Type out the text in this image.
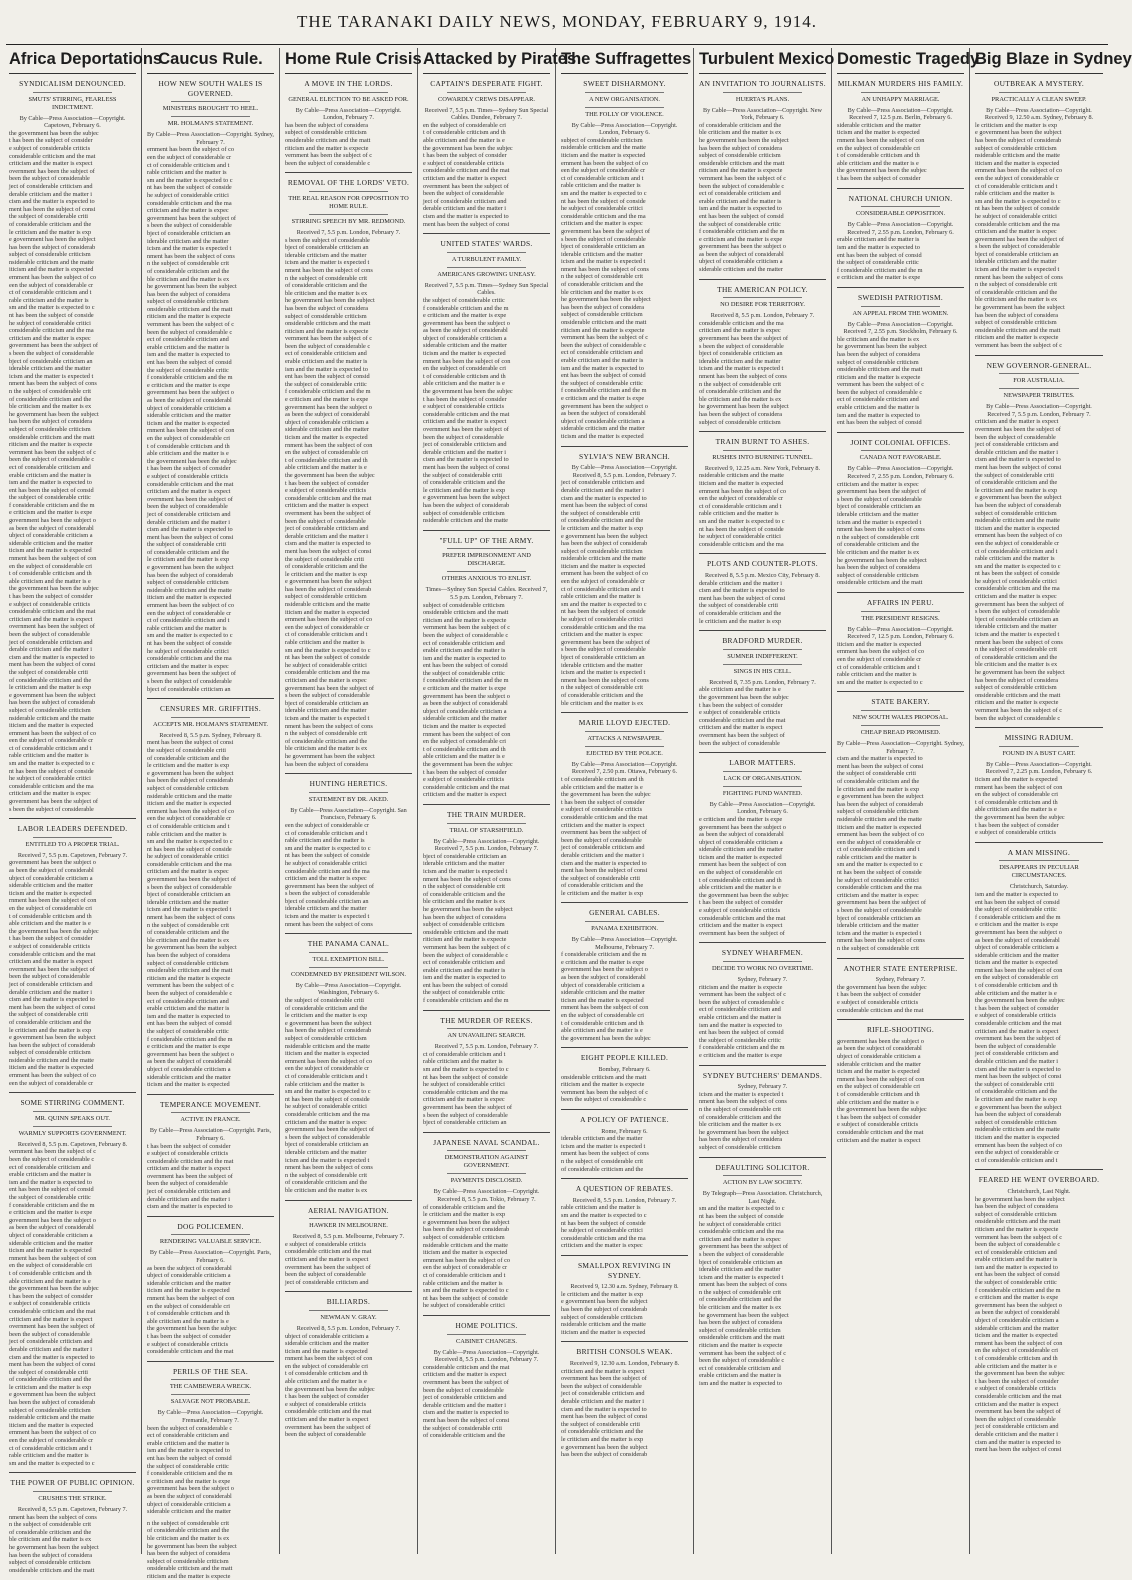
THE TARANAKI DAILY NEWS, MONDAY, FEBRUARY 9, 1914.
Africa Deportations
SYNDICALISM DENOUNCED.
SMUTS' STIRRING, FEARLESS INDICTMENT.
By Cable—Press Association—Copyright. Capetown, February 6.
the government has been the subjec
t has been the subject of consider
e subject of considerable criticis
considerable criticism and the mat
criticism and the matter is expect
overnment has been the subject of
been the subject of considerable
ject of considerable criticism and
derable criticism and the matter i
cism and the matter is expected to
ment has been the subject of consi
the subject of considerable criti
of considerable criticism and the
le criticism and the matter is exp
e government has been the subject
has been the subject of considerab
subject of considerable criticism
nsiderable criticism and the matte
iticism and the matter is expected
ernment has been the subject of co
een the subject of considerable cr
ct of considerable criticism and t
rable criticism and the matter is
sm and the matter is expected to c
nt has been the subject of conside
he subject of considerable critici
considerable criticism and the ma
criticism and the matter is expec
government has been the subject of
s been the subject of considerable
bject of considerable criticism an
iderable criticism and the matter
icism and the matter is expected t
nment has been the subject of cons
n the subject of considerable crit
of considerable criticism and the
ble criticism and the matter is ex
he government has been the subject
has been the subject of considera
subject of considerable criticism
onsiderable criticism and the matt
riticism and the matter is expecte
vernment has been the subject of c
been the subject of considerable c
ect of considerable criticism and
erable criticism and the matter is
ism and the matter is expected to
ent has been the subject of consid
the subject of considerable critic
f considerable criticism and the m
e criticism and the matter is expe
government has been the subject o
as been the subject of considerabl
ubject of considerable criticism a
siderable criticism and the matter
ticism and the matter is expected
rnment has been the subject of con
en the subject of considerable cri
t of considerable criticism and th
able criticism and the matter is e
the government has been the subjec
t has been the subject of consider
e subject of considerable criticis
considerable criticism and the mat
criticism and the matter is expect
overnment has been the subject of
been the subject of considerable
ject of considerable criticism and
derable criticism and the matter i
cism and the matter is expected to
ment has been the subject of consi
the subject of considerable criti
of considerable criticism and the
le criticism and the matter is exp
e government has been the subject
has been the subject of considerab
subject of considerable criticism
nsiderable criticism and the matte
iticism and the matter is expected
ernment has been the subject of co
een the subject of considerable cr
ct of considerable criticism and t
rable criticism and the matter is
sm and the matter is expected to c
nt has been the subject of conside
he subject of considerable critici
considerable criticism and the ma
criticism and the matter is expec
government has been the subject of
s been the subject of considerable
LABOR LEADERS DEFENDED.
ENTITLED TO A PROPER TRIAL.
Received 7, 5.5 p.m. Capetown, February 7.
government has been the subject o
as been the subject of considerabl
ubject of considerable criticism a
siderable criticism and the matter
ticism and the matter is expected
rnment has been the subject of con
en the subject of considerable cri
t of considerable criticism and th
able criticism and the matter is e
the government has been the subjec
t has been the subject of consider
e subject of considerable criticis
considerable criticism and the mat
criticism and the matter is expect
overnment has been the subject of
been the subject of considerable
ject of considerable criticism and
derable criticism and the matter i
cism and the matter is expected to
ment has been the subject of consi
the subject of considerable criti
of considerable criticism and the
le criticism and the matter is exp
e government has been the subject
has been the subject of considerab
subject of considerable criticism
nsiderable criticism and the matte
iticism and the matter is expected
ernment has been the subject of co
een the subject of considerable cr
SOME STIRRING COMMENT.
MR. QUINN SPEAKS OUT.
WARMLY SUPPORTS GOVERNMENT.
Received 8, 5.5 p.m. Capetown, February 8.
vernment has been the subject of c
been the subject of considerable c
ect of considerable criticism and
erable criticism and the matter is
ism and the matter is expected to
ent has been the subject of consid
the subject of considerable critic
f considerable criticism and the m
e criticism and the matter is expe
government has been the subject o
as been the subject of considerabl
ubject of considerable criticism a
siderable criticism and the matter
ticism and the matter is expected
rnment has been the subject of con
en the subject of considerable cri
t of considerable criticism and th
able criticism and the matter is e
the government has been the subjec
t has been the subject of consider
e subject of considerable criticis
considerable criticism and the mat
criticism and the matter is expect
overnment has been the subject of
been the subject of considerable
ject of considerable criticism and
derable criticism and the matter i
cism and the matter is expected to
ment has been the subject of consi
the subject of considerable criti
of considerable criticism and the
le criticism and the matter is exp
e government has been the subject
has been the subject of considerab
subject of considerable criticism
nsiderable criticism and the matte
iticism and the matter is expected
ernment has been the subject of co
een the subject of considerable cr
ct of considerable criticism and t
rable criticism and the matter is
sm and the matter is expected to c
THE POWER OF PUBLIC OPINION.
CRUSHES THE STRIKE.
Received 8, 5.5 p.m. Capetown, February 7.
nment has been the subject of cons
n the subject of considerable crit
of considerable criticism and the
ble criticism and the matter is ex
he government has been the subject
has been the subject of considera
subject of considerable criticism
onsiderable criticism and the matt
Caucus Rule.
HOW NEW SOUTH WALES IS GOVERNED.
MINISTERS BROUGHT TO HEEL.
MR. HOLMAN'S STATEMENT.
By Cable—Press Association—Copyright. Sydney, February 7.
ernment has been the subject of co
een the subject of considerable cr
ct of considerable criticism and t
rable criticism and the matter is
sm and the matter is expected to c
nt has been the subject of conside
he subject of considerable critici
considerable criticism and the ma
criticism and the matter is expec
government has been the subject of
s been the subject of considerable
bject of considerable criticism an
iderable criticism and the matter
icism and the matter is expected t
nment has been the subject of cons
n the subject of considerable crit
of considerable criticism and the
ble criticism and the matter is ex
he government has been the subject
has been the subject of considera
subject of considerable criticism
onsiderable criticism and the matt
riticism and the matter is expecte
vernment has been the subject of c
been the subject of considerable c
ect of considerable criticism and
erable criticism and the matter is
ism and the matter is expected to
ent has been the subject of consid
the subject of considerable critic
f considerable criticism and the m
e criticism and the matter is expe
government has been the subject o
as been the subject of considerabl
ubject of considerable criticism a
siderable criticism and the matter
ticism and the matter is expected
rnment has been the subject of con
en the subject of considerable cri
t of considerable criticism and th
able criticism and the matter is e
the government has been the subjec
t has been the subject of consider
e subject of considerable criticis
considerable criticism and the mat
criticism and the matter is expect
overnment has been the subject of
been the subject of considerable
ject of considerable criticism and
derable criticism and the matter i
cism and the matter is expected to
ment has been the subject of consi
the subject of considerable criti
of considerable criticism and the
le criticism and the matter is exp
e government has been the subject
has been the subject of considerab
subject of considerable criticism
nsiderable criticism and the matte
iticism and the matter is expected
ernment has been the subject of co
een the subject of considerable cr
ct of considerable criticism and t
rable criticism and the matter is
sm and the matter is expected to c
nt has been the subject of conside
he subject of considerable critici
considerable criticism and the ma
criticism and the matter is expec
government has been the subject of
s been the subject of considerable
bject of considerable criticism an
CENSURES MR. GRIFFITHS.
ACCEPTS MR. HOLMAN'S STATEMENT.
Received 8, 5.5 p.m. Sydney, February 8.
ment has been the subject of consi
the subject of considerable criti
of considerable criticism and the
le criticism and the matter is exp
e government has been the subject
has been the subject of considerab
subject of considerable criticism
nsiderable criticism and the matte
iticism and the matter is expected
ernment has been the subject of co
een the subject of considerable cr
ct of considerable criticism and t
rable criticism and the matter is
sm and the matter is expected to c
nt has been the subject of conside
he subject of considerable critici
considerable criticism and the ma
criticism and the matter is expec
government has been the subject of
s been the subject of considerable
bject of considerable criticism an
iderable criticism and the matter
icism and the matter is expected t
nment has been the subject of cons
n the subject of considerable crit
of considerable criticism and the
ble criticism and the matter is ex
he government has been the subject
has been the subject of considera
subject of considerable criticism
onsiderable criticism and the matt
riticism and the matter is expecte
vernment has been the subject of c
been the subject of considerable c
ect of considerable criticism and
erable criticism and the matter is
ism and the matter is expected to
ent has been the subject of consid
the subject of considerable critic
f considerable criticism and the m
e criticism and the matter is expe
government has been the subject o
as been the subject of considerabl
ubject of considerable criticism a
siderable criticism and the matter
ticism and the matter is expected
TEMPERANCE MOVEMENT.
ACTIVE IN FRANCE.
By Cable—Press Association—Copyright. Paris, February 6.
t has been the subject of consider
e subject of considerable criticis
considerable criticism and the mat
criticism and the matter is expect
overnment has been the subject of
been the subject of considerable
ject of considerable criticism and
derable criticism and the matter i
cism and the matter is expected to
DOG POLICEMEN.
RENDERING VALUABLE SERVICE.
By Cable—Press Association—Copyright. Paris, February 6.
as been the subject of considerabl
ubject of considerable criticism a
siderable criticism and the matter
ticism and the matter is expected
rnment has been the subject of con
en the subject of considerable cri
t of considerable criticism and th
able criticism and the matter is e
the government has been the subjec
t has been the subject of consider
e subject of considerable criticis
considerable criticism and the mat
PERILS OF THE SEA.
THE CAMBEWERA WRECK.
SALVAGE NOT PROBABLE.
By Cable—Press Association—Copyright. Fremantle, February 7.
been the subject of considerable c
ect of considerable criticism and
erable criticism and the matter is
ism and the matter is expected to
ent has been the subject of consid
the subject of considerable critic
f considerable criticism and the m
e criticism and the matter is expe
government has been the subject o
as been the subject of considerabl
ubject of considerable criticism a
siderable criticism and the matter
n the subject of considerable crit
of considerable criticism and the
ble criticism and the matter is ex
he government has been the subject
has been the subject of considera
subject of considerable criticism
onsiderable criticism and the matt
riticism and the matter is expecte
Home Rule Crisis
A MOVE IN THE LORDS.
GENERAL ELECTION TO BE ASKED FOR.
By Cable—Press Association—Copyright. London, February 7.
has been the subject of considera
subject of considerable criticism
onsiderable criticism and the matt
riticism and the matter is expecte
vernment has been the subject of c
been the subject of considerable c
REMOVAL OF THE LORDS' VETO.
THE REAL REASON FOR OPPOSITION TO HOME RULE.
STIRRING SPEECH BY MR. REDMOND.
Received 7, 5.5 p.m. London, February 7.
s been the subject of considerable
bject of considerable criticism an
iderable criticism and the matter
icism and the matter is expected t
nment has been the subject of cons
n the subject of considerable crit
of considerable criticism and the
ble criticism and the matter is ex
he government has been the subject
has been the subject of considera
subject of considerable criticism
onsiderable criticism and the matt
riticism and the matter is expecte
vernment has been the subject of c
been the subject of considerable c
ect of considerable criticism and
erable criticism and the matter is
ism and the matter is expected to
ent has been the subject of consid
the subject of considerable critic
f considerable criticism and the m
e criticism and the matter is expe
government has been the subject o
as been the subject of considerabl
ubject of considerable criticism a
siderable criticism and the matter
ticism and the matter is expected
rnment has been the subject of con
en the subject of considerable cri
t of considerable criticism and th
able criticism and the matter is e
the government has been the subjec
t has been the subject of consider
e subject of considerable criticis
considerable criticism and the mat
criticism and the matter is expect
overnment has been the subject of
been the subject of considerable
ject of considerable criticism and
derable criticism and the matter i
cism and the matter is expected to
ment has been the subject of consi
the subject of considerable criti
of considerable criticism and the
le criticism and the matter is exp
e government has been the subject
has been the subject of considerab
subject of considerable criticism
nsiderable criticism and the matte
iticism and the matter is expected
ernment has been the subject of co
een the subject of considerable cr
ct of considerable criticism and t
rable criticism and the matter is
sm and the matter is expected to c
nt has been the subject of conside
he subject of considerable critici
considerable criticism and the ma
criticism and the matter is expec
government has been the subject of
s been the subject of considerable
bject of considerable criticism an
iderable criticism and the matter
icism and the matter is expected t
nment has been the subject of cons
n the subject of considerable crit
of considerable criticism and the
ble criticism and the matter is ex
he government has been the subject
has been the subject of considera
HUNTING HERETICS.
STATEMENT BY DR. AKED.
By Cable—Press Association—Copyright. San Francisco, February 6.
een the subject of considerable cr
ct of considerable criticism and t
rable criticism and the matter is
sm and the matter is expected to c
nt has been the subject of conside
he subject of considerable critici
considerable criticism and the ma
criticism and the matter is expec
government has been the subject of
s been the subject of considerable
bject of considerable criticism an
iderable criticism and the matter
icism and the matter is expected t
nment has been the subject of cons
THE PANAMA CANAL.
TOLL EXEMPTION BILL.
CONDEMNED BY PRESIDENT WILSON.
By Cable—Press Association—Copyright. Washington, February 6.
the subject of considerable criti
of considerable criticism and the
le criticism and the matter is exp
e government has been the subject
has been the subject of considerab
subject of considerable criticism
nsiderable criticism and the matte
iticism and the matter is expected
ernment has been the subject of co
een the subject of considerable cr
ct of considerable criticism and t
rable criticism and the matter is
sm and the matter is expected to c
nt has been the subject of conside
he subject of considerable critici
considerable criticism and the ma
criticism and the matter is expec
government has been the subject of
s been the subject of considerable
bject of considerable criticism an
iderable criticism and the matter
icism and the matter is expected t
nment has been the subject of cons
n the subject of considerable crit
of considerable criticism and the
ble criticism and the matter is ex
AERIAL NAVIGATION.
HAWKER IN MELBOURNE.
Received 8, 5.5 p.m. Melbourne, February 7.
e subject of considerable criticis
considerable criticism and the mat
criticism and the matter is expect
overnment has been the subject of
been the subject of considerable
ject of considerable criticism and
BILLIARDS.
NEWMAN V. GRAY.
Received 8, 5.5 p.m. London, February 7.
ubject of considerable criticism a
siderable criticism and the matter
ticism and the matter is expected
rnment has been the subject of con
en the subject of considerable cri
t of considerable criticism and th
able criticism and the matter is e
the government has been the subjec
t has been the subject of consider
e subject of considerable criticis
considerable criticism and the mat
criticism and the matter is expect
overnment has been the subject of
been the subject of considerable
Attacked by Pirates
CAPTAIN'S DESPERATE FIGHT.
COWARDLY CREWS DISAPPEAR.
Received 7, 5.5 p.m. Times—Sydney Sun Special Cables. Dundee, February 7.
en the subject of considerable cri
t of considerable criticism and th
able criticism and the matter is e
the government has been the subjec
t has been the subject of consider
e subject of considerable criticis
considerable criticism and the mat
criticism and the matter is expect
overnment has been the subject of
been the subject of considerable
ject of considerable criticism and
derable criticism and the matter i
cism and the matter is expected to
ment has been the subject of consi
UNITED STATES' WARDS.
A TURBULENT FAMILY.
AMERICANS GROWING UNEASY.
Received 7, 5.5 p.m. Times—Sydney Sun Special Cables.
the subject of considerable critic
f considerable criticism and the m
e criticism and the matter is expe
government has been the subject o
as been the subject of considerabl
ubject of considerable criticism a
siderable criticism and the matter
ticism and the matter is expected
rnment has been the subject of con
en the subject of considerable cri
t of considerable criticism and th
able criticism and the matter is e
the government has been the subjec
t has been the subject of consider
e subject of considerable criticis
considerable criticism and the mat
criticism and the matter is expect
overnment has been the subject of
been the subject of considerable
ject of considerable criticism and
derable criticism and the matter i
cism and the matter is expected to
ment has been the subject of consi
the subject of considerable criti
of considerable criticism and the
le criticism and the matter is exp
e government has been the subject
has been the subject of considerab
subject of considerable criticism
nsiderable criticism and the matte
"FULL UP" OF THE ARMY.
PREFER IMPRISONMENT AND DISCHARGE.
OTHERS ANXIOUS TO ENLIST.
Times—Sydney Sun Special Cables. Received 7, 5.5 p.m. London, February 7.
subject of considerable criticism
onsiderable criticism and the matt
riticism and the matter is expecte
vernment has been the subject of c
been the subject of considerable c
ect of considerable criticism and
erable criticism and the matter is
ism and the matter is expected to
ent has been the subject of consid
the subject of considerable critic
f considerable criticism and the m
e criticism and the matter is expe
government has been the subject o
as been the subject of considerabl
ubject of considerable criticism a
siderable criticism and the matter
ticism and the matter is expected
rnment has been the subject of con
en the subject of considerable cri
t of considerable criticism and th
able criticism and the matter is e
the government has been the subjec
t has been the subject of consider
e subject of considerable criticis
considerable criticism and the mat
criticism and the matter is expect
THE TRAIN MURDER.
TRIAL OF STARSHFIELD.
By Cable—Press Association—Copyright. Received 7, 5.5 p.m. London, February 7.
bject of considerable criticism an
iderable criticism and the matter
icism and the matter is expected t
nment has been the subject of cons
n the subject of considerable crit
of considerable criticism and the
ble criticism and the matter is ex
he government has been the subject
has been the subject of considera
subject of considerable criticism
onsiderable criticism and the matt
riticism and the matter is expecte
vernment has been the subject of c
been the subject of considerable c
ect of considerable criticism and
erable criticism and the matter is
ism and the matter is expected to
ent has been the subject of consid
the subject of considerable critic
f considerable criticism and the m
THE MURDER OF REEKS.
AN UNAVAILING SEARCH.
Received 7, 5.5 p.m. London, February 7.
ct of considerable criticism and t
rable criticism and the matter is
sm and the matter is expected to c
nt has been the subject of conside
he subject of considerable critici
considerable criticism and the ma
criticism and the matter is expec
government has been the subject of
s been the subject of considerable
bject of considerable criticism an
JAPANESE NAVAL SCANDAL.
DEMONSTRATION AGAINST GOVERNMENT.
PAYMENTS DISCLOSED.
By Cable—Press Association—Copyright. Received 8, 5.5 p.m. Tokio, February 7.
of considerable criticism and the
le criticism and the matter is exp
e government has been the subject
has been the subject of considerab
subject of considerable criticism
nsiderable criticism and the matte
iticism and the matter is expected
ernment has been the subject of co
een the subject of considerable cr
ct of considerable criticism and t
rable criticism and the matter is
sm and the matter is expected to c
nt has been the subject of conside
he subject of considerable critici
HOME POLITICS.
CABINET CHANGES.
By Cable—Press Association—Copyright. Received 8, 5.5 p.m. London, February 7.
considerable criticism and the mat
criticism and the matter is expect
overnment has been the subject of
been the subject of considerable
ject of considerable criticism and
derable criticism and the matter i
cism and the matter is expected to
ment has been the subject of consi
the subject of considerable criti
of considerable criticism and the
The Suffragettes
SWEET DISHARMONY.
A NEW ORGANISATION.
THE FOLLY OF VIOLENCE.
By Cable—Press Association—Copyright. London, February 6.
subject of considerable criticism
nsiderable criticism and the matte
iticism and the matter is expected
ernment has been the subject of co
een the subject of considerable cr
ct of considerable criticism and t
rable criticism and the matter is
sm and the matter is expected to c
nt has been the subject of conside
he subject of considerable critici
considerable criticism and the ma
criticism and the matter is expec
government has been the subject of
s been the subject of considerable
bject of considerable criticism an
iderable criticism and the matter
icism and the matter is expected t
nment has been the subject of cons
n the subject of considerable crit
of considerable criticism and the
ble criticism and the matter is ex
he government has been the subject
has been the subject of considera
subject of considerable criticism
onsiderable criticism and the matt
riticism and the matter is expecte
vernment has been the subject of c
been the subject of considerable c
ect of considerable criticism and
erable criticism and the matter is
ism and the matter is expected to
ent has been the subject of consid
the subject of considerable critic
f considerable criticism and the m
e criticism and the matter is expe
government has been the subject o
as been the subject of considerabl
ubject of considerable criticism a
siderable criticism and the matter
ticism and the matter is expected
SYLVIA'S NEW BRANCH.
By Cable—Press Association—Copyright. Received 8, 5.5 p.m. London, February 7.
ject of considerable criticism and
derable criticism and the matter i
cism and the matter is expected to
ment has been the subject of consi
the subject of considerable criti
of considerable criticism and the
le criticism and the matter is exp
e government has been the subject
has been the subject of considerab
subject of considerable criticism
nsiderable criticism and the matte
iticism and the matter is expected
ernment has been the subject of co
een the subject of considerable cr
ct of considerable criticism and t
rable criticism and the matter is
sm and the matter is expected to c
nt has been the subject of conside
he subject of considerable critici
considerable criticism and the ma
criticism and the matter is expec
government has been the subject of
s been the subject of considerable
bject of considerable criticism an
iderable criticism and the matter
icism and the matter is expected t
nment has been the subject of cons
n the subject of considerable crit
of considerable criticism and the
ble criticism and the matter is ex
MARIE LLOYD EJECTED.
ATTACKS A NEWSPAPER.
EJECTED BY THE POLICE.
By Cable—Press Association—Copyright. Received 7, 2.50 p.m. Ottawa, February 6.
t of considerable criticism and th
able criticism and the matter is e
the government has been the subjec
t has been the subject of consider
e subject of considerable criticis
considerable criticism and the mat
criticism and the matter is expect
overnment has been the subject of
been the subject of considerable
ject of considerable criticism and
derable criticism and the matter i
cism and the matter is expected to
ment has been the subject of consi
the subject of considerable criti
of considerable criticism and the
le criticism and the matter is exp
GENERAL CABLES.
PANAMA EXHIBITION.
By Cable—Press Association—Copyright. Melbourne, February 7.
f considerable criticism and the m
e criticism and the matter is expe
government has been the subject o
as been the subject of considerabl
ubject of considerable criticism a
siderable criticism and the matter
ticism and the matter is expected
rnment has been the subject of con
en the subject of considerable cri
t of considerable criticism and th
able criticism and the matter is e
the government has been the subjec
EIGHT PEOPLE KILLED.
Bombay, February 6.
onsiderable criticism and the matt
riticism and the matter is expecte
vernment has been the subject of c
been the subject of considerable c
A POLICY OF PATIENCE.
Rome, February 6.
iderable criticism and the matter
icism and the matter is expected t
nment has been the subject of cons
n the subject of considerable crit
of considerable criticism and the
A QUESTION OF REBATES.
Received 8, 5.5 p.m. London, February 7.
rable criticism and the matter is
sm and the matter is expected to c
nt has been the subject of conside
he subject of considerable critici
considerable criticism and the ma
criticism and the matter is expec
SMALLPOX REVIVING IN SYDNEY.
Received 9, 12.30 a.m. Sydney, February 8.
le criticism and the matter is exp
e government has been the subject
has been the subject of considerab
subject of considerable criticism
nsiderable criticism and the matte
iticism and the matter is expected
BRITISH CONSOLS WEAK.
Received 9, 12.30 a.m. London, February 8.
criticism and the matter is expect
overnment has been the subject of
been the subject of considerable
ject of considerable criticism and
derable criticism and the matter i
cism and the matter is expected to
ment has been the subject of consi
the subject of considerable criti
of considerable criticism and the
le criticism and the matter is exp
e government has been the subject
has been the subject of considerab
Turbulent Mexico
AN INVITATION TO JOURNALISTS.
HUERTA'S PLANS.
By Cable—Press Association—Copyright. New York, February 6.
of considerable criticism and the
ble criticism and the matter is ex
he government has been the subject
has been the subject of considera
subject of considerable criticism
onsiderable criticism and the matt
riticism and the matter is expecte
vernment has been the subject of c
been the subject of considerable c
ect of considerable criticism and
erable criticism and the matter is
ism and the matter is expected to
ent has been the subject of consid
the subject of considerable critic
f considerable criticism and the m
e criticism and the matter is expe
government has been the subject o
as been the subject of considerabl
ubject of considerable criticism a
siderable criticism and the matter
THE AMERICAN POLICY.
NO DESIRE FOR TERRITORY.
Received 8, 5.5 p.m. London, February 7.
considerable criticism and the ma
criticism and the matter is expec
government has been the subject of
s been the subject of considerable
bject of considerable criticism an
iderable criticism and the matter
icism and the matter is expected t
nment has been the subject of cons
n the subject of considerable crit
of considerable criticism and the
ble criticism and the matter is ex
he government has been the subject
has been the subject of considera
subject of considerable criticism
TRAIN BURNT TO ASHES.
RUSHES INTO BURNING TUNNEL.
Received 9, 12.25 a.m. New York, February 8.
nsiderable criticism and the matte
iticism and the matter is expected
ernment has been the subject of co
een the subject of considerable cr
ct of considerable criticism and t
rable criticism and the matter is
sm and the matter is expected to c
nt has been the subject of conside
he subject of considerable critici
considerable criticism and the ma
PLOTS AND COUNTER-PLOTS.
Received 8, 5.5 p.m. Mexico City, February 8.
derable criticism and the matter i
cism and the matter is expected to
ment has been the subject of consi
the subject of considerable criti
of considerable criticism and the
le criticism and the matter is exp
BRADFORD MURDER.
SUMNER INDIFFERENT.
SINGS IN HIS CELL.
Received 8, 7.35 p.m. London, February 7.
able criticism and the matter is e
the government has been the subjec
t has been the subject of consider
e subject of considerable criticis
considerable criticism and the mat
criticism and the matter is expect
overnment has been the subject of
been the subject of considerable
LABOR MATTERS.
LACK OF ORGANISATION.
FIGHTING FUND WANTED.
By Cable—Press Association—Copyright. London, February 6.
e criticism and the matter is expe
government has been the subject o
as been the subject of considerabl
ubject of considerable criticism a
siderable criticism and the matter
ticism and the matter is expected
rnment has been the subject of con
en the subject of considerable cri
t of considerable criticism and th
able criticism and the matter is e
the government has been the subjec
t has been the subject of consider
e subject of considerable criticis
considerable criticism and the mat
criticism and the matter is expect
overnment has been the subject of
SYDNEY WHARFMEN.
DECIDE TO WORK NO OVERTIME.
Sydney, February 7.
riticism and the matter is expecte
vernment has been the subject of c
been the subject of considerable c
ect of considerable criticism and
erable criticism and the matter is
ism and the matter is expected to
ent has been the subject of consid
the subject of considerable critic
f considerable criticism and the m
e criticism and the matter is expe
SYDNEY BUTCHERS' DEMANDS.
Sydney, February 7.
icism and the matter is expected t
nment has been the subject of cons
n the subject of considerable crit
of considerable criticism and the
ble criticism and the matter is ex
he government has been the subject
has been the subject of considera
subject of considerable criticism
DEFAULTING SOLICITOR.
ACTION BY LAW SOCIETY.
By Telegraph—Press Association. Christchurch, Last Night.
sm and the matter is expected to c
nt has been the subject of conside
he subject of considerable critici
considerable criticism and the ma
criticism and the matter is expec
government has been the subject of
s been the subject of considerable
bject of considerable criticism an
iderable criticism and the matter
icism and the matter is expected t
nment has been the subject of cons
n the subject of considerable crit
of considerable criticism and the
ble criticism and the matter is ex
he government has been the subject
has been the subject of considera
subject of considerable criticism
onsiderable criticism and the matt
riticism and the matter is expecte
vernment has been the subject of c
been the subject of considerable c
ect of considerable criticism and
erable criticism and the matter is
ism and the matter is expected to
Domestic Tragedy
MILKMAN MURDERS HIS FAMILY.
AN UNHAPPY MARRIAGE.
By Cable—Press Association—Copyright. Received 7, 12.5 p.m. Berlin, February 6.
siderable criticism and the matter
ticism and the matter is expected
rnment has been the subject of con
en the subject of considerable cri
t of considerable criticism and th
able criticism and the matter is e
the government has been the subjec
t has been the subject of consider
NATIONAL CHURCH UNION.
CONSIDERABLE OPPOSITION.
By Cable—Press Association—Copyright. Received 7, 2.55 p.m. London, February 6.
erable criticism and the matter is
ism and the matter is expected to
ent has been the subject of consid
the subject of considerable critic
f considerable criticism and the m
e criticism and the matter is expe
SWEDISH PATRIOTISM.
AN APPEAL FROM THE WOMEN.
By Cable—Press Association—Copyright. Received 7, 2.55 p.m. Stockholm, February 6.
ble criticism and the matter is ex
he government has been the subject
has been the subject of considera
subject of considerable criticism
onsiderable criticism and the matt
riticism and the matter is expecte
vernment has been the subject of c
been the subject of considerable c
ect of considerable criticism and
erable criticism and the matter is
ism and the matter is expected to
ent has been the subject of consid
JOINT COLONIAL OFFICES.
CANADA NOT FAVORABLE.
By Cable—Press Association—Copyright. Received 7, 2.55 p.m. London, February 6.
criticism and the matter is expec
government has been the subject of
s been the subject of considerable
bject of considerable criticism an
iderable criticism and the matter
icism and the matter is expected t
nment has been the subject of cons
n the subject of considerable crit
of considerable criticism and the
ble criticism and the matter is ex
he government has been the subject
has been the subject of considera
subject of considerable criticism
onsiderable criticism and the matt
AFFAIRS IN PERU.
THE PRESIDENT RESIGNS.
By Cable—Press Association—Copyright. Received 7, 12.5 p.m. London, February 6.
iticism and the matter is expected
ernment has been the subject of co
een the subject of considerable cr
ct of considerable criticism and t
rable criticism and the matter is
sm and the matter is expected to c
STATE BAKERY.
NEW SOUTH WALES PROPOSAL.
CHEAP BREAD PROMISED.
By Cable—Press Association—Copyright. Sydney, February 7.
cism and the matter is expected to
ment has been the subject of consi
the subject of considerable criti
of considerable criticism and the
le criticism and the matter is exp
e government has been the subject
has been the subject of considerab
subject of considerable criticism
nsiderable criticism and the matte
iticism and the matter is expected
ernment has been the subject of co
een the subject of considerable cr
ct of considerable criticism and t
rable criticism and the matter is
sm and the matter is expected to c
nt has been the subject of conside
he subject of considerable critici
considerable criticism and the ma
criticism and the matter is expec
government has been the subject of
s been the subject of considerable
bject of considerable criticism an
iderable criticism and the matter
icism and the matter is expected t
nment has been the subject of cons
n the subject of considerable crit
ANOTHER STATE ENTERPRISE.
Sydney, February 7.
the government has been the subjec
t has been the subject of consider
e subject of considerable criticis
considerable criticism and the mat
RIFLE-SHOOTING.
government has been the subject o
as been the subject of considerabl
ubject of considerable criticism a
siderable criticism and the matter
ticism and the matter is expected
rnment has been the subject of con
en the subject of considerable cri
t of considerable criticism and th
able criticism and the matter is e
the government has been the subjec
t has been the subject of consider
e subject of considerable criticis
considerable criticism and the mat
criticism and the matter is expect
Big Blaze in Sydney
OUTBREAK A MYSTERY.
PRACTICALLY A CLEAN SWEEP.
By Cable—Press Association—Copyright. Received 9, 12.50 a.m. Sydney, February 8.
le criticism and the matter is exp
e government has been the subject
has been the subject of considerab
subject of considerable criticism
nsiderable criticism and the matte
iticism and the matter is expected
ernment has been the subject of co
een the subject of considerable cr
ct of considerable criticism and t
rable criticism and the matter is
sm and the matter is expected to c
nt has been the subject of conside
he subject of considerable critici
considerable criticism and the ma
criticism and the matter is expec
government has been the subject of
s been the subject of considerable
bject of considerable criticism an
iderable criticism and the matter
icism and the matter is expected t
nment has been the subject of cons
n the subject of considerable crit
of considerable criticism and the
ble criticism and the matter is ex
he government has been the subject
has been the subject of considera
subject of considerable criticism
onsiderable criticism and the matt
riticism and the matter is expecte
vernment has been the subject of c
NEW GOVERNOR-GENERAL.
FOR AUSTRALIA.
NEWSPAPER TRIBUTES.
By Cable—Press Association—Copyright. Received 7, 5.5 p.m. London, February 7.
criticism and the matter is expect
overnment has been the subject of
been the subject of considerable
ject of considerable criticism and
derable criticism and the matter i
cism and the matter is expected to
ment has been the subject of consi
the subject of considerable criti
of considerable criticism and the
le criticism and the matter is exp
e government has been the subject
has been the subject of considerab
subject of considerable criticism
nsiderable criticism and the matte
iticism and the matter is expected
ernment has been the subject of co
een the subject of considerable cr
ct of considerable criticism and t
rable criticism and the matter is
sm and the matter is expected to c
nt has been the subject of conside
he subject of considerable critici
considerable criticism and the ma
criticism and the matter is expec
government has been the subject of
s been the subject of considerable
bject of considerable criticism an
iderable criticism and the matter
icism and the matter is expected t
nment has been the subject of cons
n the subject of considerable crit
of considerable criticism and the
ble criticism and the matter is ex
he government has been the subject
has been the subject of considera
subject of considerable criticism
onsiderable criticism and the matt
riticism and the matter is expecte
vernment has been the subject of c
been the subject of considerable c
MISSING RADIUM.
FOUND IN A BUST CART.
By Cable—Press Association—Copyright. Received 7, 2.25 p.m. London, February 6.
ticism and the matter is expected
rnment has been the subject of con
en the subject of considerable cri
t of considerable criticism and th
able criticism and the matter is e
the government has been the subjec
t has been the subject of consider
e subject of considerable criticis
A MAN MISSING.
DISAPPEARS IN PECULIAR CIRCUMSTANCES.
Christchurch, Saturday.
ism and the matter is expected to
ent has been the subject of consid
the subject of considerable critic
f considerable criticism and the m
e criticism and the matter is expe
government has been the subject o
as been the subject of considerabl
ubject of considerable criticism a
siderable criticism and the matter
ticism and the matter is expected
rnment has been the subject of con
en the subject of considerable cri
t of considerable criticism and th
able criticism and the matter is e
the government has been the subjec
t has been the subject of consider
e subject of considerable criticis
considerable criticism and the mat
criticism and the matter is expect
overnment has been the subject of
been the subject of considerable
ject of considerable criticism and
derable criticism and the matter i
cism and the matter is expected to
ment has been the subject of consi
the subject of considerable criti
of considerable criticism and the
le criticism and the matter is exp
e government has been the subject
has been the subject of considerab
subject of considerable criticism
nsiderable criticism and the matte
iticism and the matter is expected
ernment has been the subject of co
een the subject of considerable cr
ct of considerable criticism and t
FEARED HE WENT OVERBOARD.
Christchurch, Last Night.
he government has been the subject
has been the subject of considera
subject of considerable criticism
onsiderable criticism and the matt
riticism and the matter is expecte
vernment has been the subject of c
been the subject of considerable c
ect of considerable criticism and
erable criticism and the matter is
ism and the matter is expected to
ent has been the subject of consid
the subject of considerable critic
f considerable criticism and the m
e criticism and the matter is expe
government has been the subject o
as been the subject of considerabl
ubject of considerable criticism a
siderable criticism and the matter
ticism and the matter is expected
rnment has been the subject of con
en the subject of considerable cri
t of considerable criticism and th
able criticism and the matter is e
the government has been the subjec
t has been the subject of consider
e subject of considerable criticis
considerable criticism and the mat
criticism and the matter is expect
overnment has been the subject of
been the subject of considerable
ject of considerable criticism and
derable criticism and the matter i
cism and the matter is expected to
ment has been the subject of consi
